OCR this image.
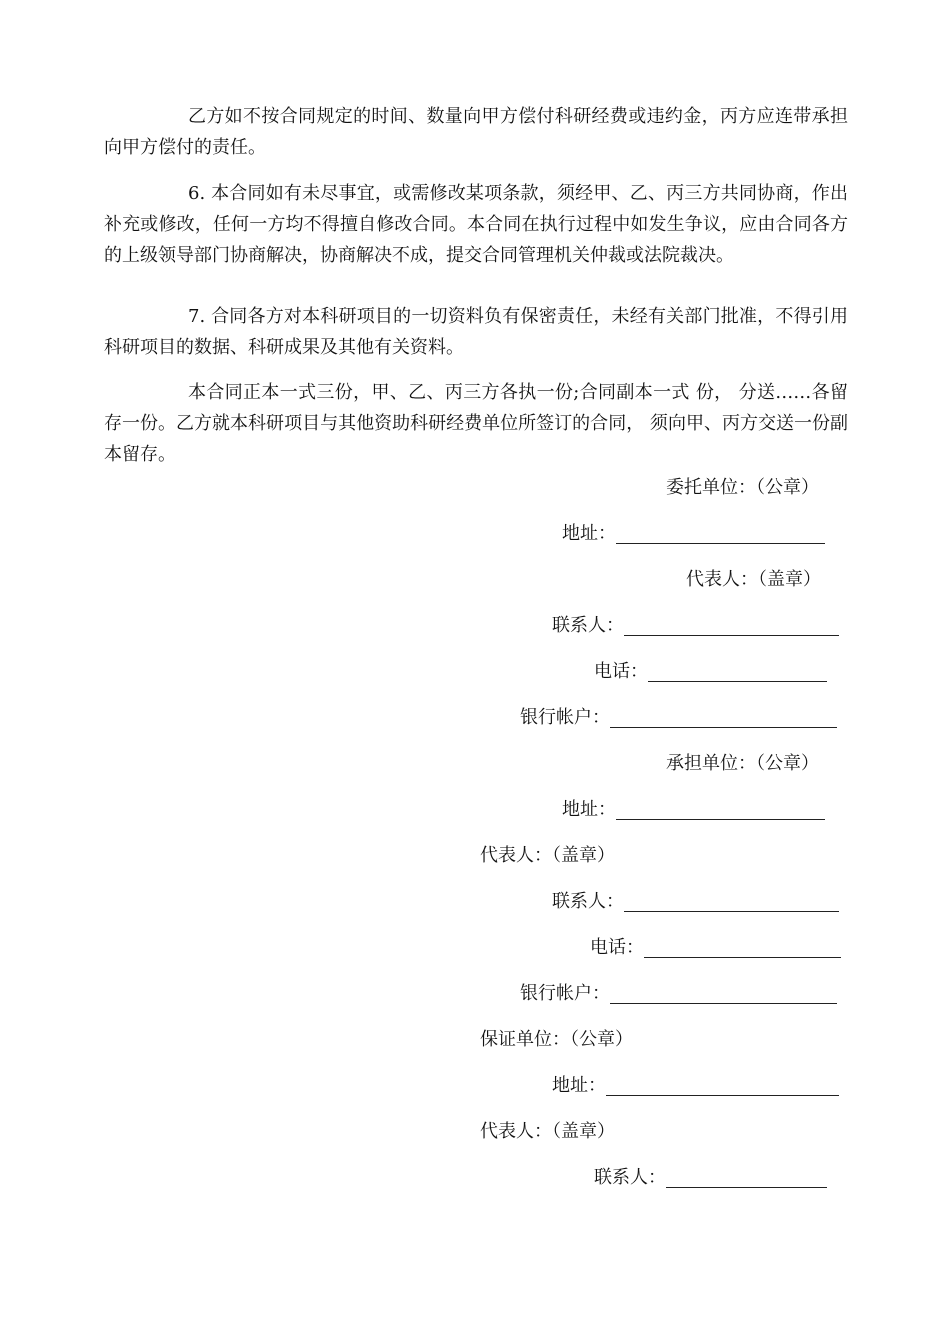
乙方如不按合同规定的时间、数量向甲方偿付科研经费或违约金，丙方应连带承担向甲方偿付的责任。

6. 本合同如有未尽事宜，或需修改某项条款，须经甲、乙、丙三方共同协商，作出补充或修改，任何一方均不得擅自修改合同。本合同在执行过程中如发生争议，应由合同各方的上级领导部门协商解决，协商解决不成，提交合同管理机关仲裁或法院裁决。

7. 合同各方对本科研项目的一切资料负有保密责任，未经有关部门批准，不得引用科研项目的数据、科研成果及其他有关资料。

本合同正本一式三份，甲、乙、丙三方各执一份;合同副本一式 份， 分送……各留存一份。乙方就本科研项目与其他资助科研经费单位所签订的合同， 须向甲、丙方交送一份副本留存。

委托单位：（公章）
地址：
代表人：（盖章）
联系人：
电话：
银行帐户：
承担单位：（公章）
地址：
代表人：（盖章）
联系人：
电话：
银行帐户：
保证单位：（公章）
地址：
代表人：（盖章）
联系人：
